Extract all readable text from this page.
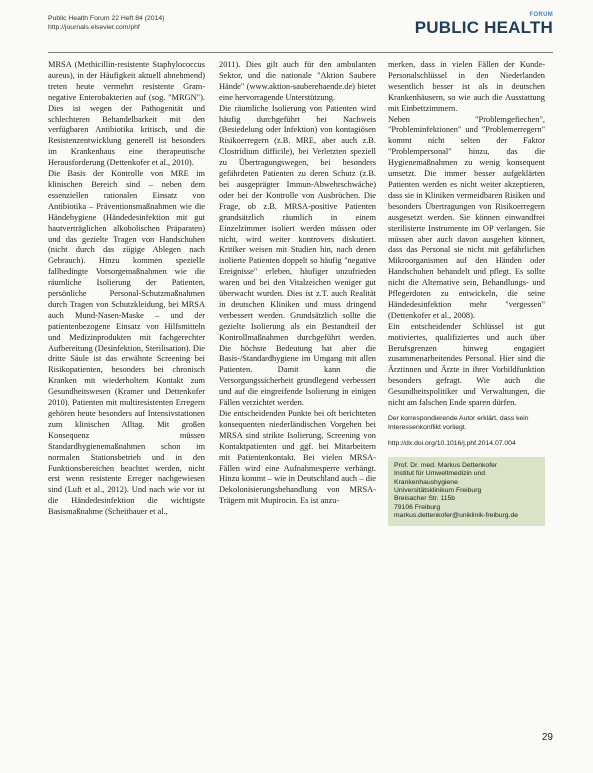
Public Health Forum 22 Heft 84 (2014)
http://journals.elsevier.com/phf
FORUM
PUBLIC HEALTH

MRSA (Methicillin-resistente Staphylococcus aureus), in der Häufigkeit aktuell abnehmend) treten heute vermehrt resistente Gram-negative Enterobakterien auf (sog. "MRGN"). Dies ist wegen der Pathogenität und schlechteren Behandelbarkeit mit den verfügbaren Antibiotika kritisch, und die Resistenzentwicklung generell ist besonders im Krankenhaus eine therapeutische Herausforderung (Dettenkofer et al., 2010).

Die Basis der Kontrolle von MRE im klinischen Bereich sind – neben dem essenziellen rationalen Einsatz von Antibiotika – Präventionsmaßnahmen wie die Händehygiene (Händedesinfektion mit gut hautverträglichen alkoholischen Präparaten) und das gezielte Tragen von Handschuhen (nicht durch das zügige Ablegen nach Gebrauch). Hinzu kommen spezielle fallbedingte Vorsorgemaßnahmen wie die räumliche Isolierung der Patienten, persönliche Personal-Schutzmaßnahmen durch Tragen von Schutzkleidung, bei MRSA auch Mund-Nasen-Maske – und der patientenbezogene Einsatz von Hilfsmitteln und Medizinprodukten mit fachgerechter Aufbereitung (Desinfektion, Sterilisation). Die dritte Säule ist das erwähnte Screening bei Risikopatienten, besonders bei chronisch Kranken mit wiederholtem Kontakt zum Gesundheitswesen (Kramer und Dettenkofer 2010). Patienten mit multiresistenten Erregern gehören heute besonders auf Intensivstationen zum klinischen Alltag. Mit großen Konsequenz müssen Standardhygienemaßnahmen schon im normalen Stationsbetrieb und in den Funktionsbereichen beachtet werden, nicht erst wenn resistente Erreger nachgewiesen sind (Luft et al., 2012). Und nach wie vor ist die Händedesinfektion die wichtigste Basismaßnahme (Scheithauer et al.,

2011). Dies gilt auch für den ambulanten Sektor, und die nationale "Aktion Saubere Hände" (www.aktion-sauberehaende.de) bietet eine hervorragende Unterstützung.

Die räumliche Isolierung von Patienten wird häufig durchgeführt bei Nachweis (Besiedelung oder Infektion) von kontagiösen Risikoerregern (z.B. MRE, aber auch z.B. Clostridium difficile), bei Verletzten speziell zu Übertragungswegen, bei besonders gefährdeten Patienten zu deren Schutz (z.B. bei ausgeprägter Immun-Abwehrschwäche) oder bei der Kontrolle von Ausbrüchen. Die Frage, ob z.B. MRSA-positive Patienten grundsätzlich räumlich in einem Einzelzimmer isoliert werden müssen oder nicht, wird weiter kontrovers diskutiert. Kritiker weisen mit Studien hin, nach denen isolierte Patienten doppelt so häufig "negative Ereignisse" erleben, häufiger unzufrieden waren und bei den Vitalzeichen weniger gut überwacht wurden. Dies ist z.T. auch Realität in deutschen Kliniken und muss dringend verbessert werden. Grundsätzlich sollte die gezielte Isolierung als ein Bestandteil der Kontrollmaßnahmen durchgeführt werden. Die höchste Bedeutung hat aber die Basis-/Standardhygiene im Umgang mit allen Patienten. Damit kann die Versorgungssicherheit grundlegend verbessert und auf die eingreifende Isolierung in einigen Fällen verzichtet werden.

Die entscheidenden Punkte bei oft berichteten konsequenten niederländischen Vorgehen bei MRSA sind strikte Isolierung, Screening von Kontaktpatienten und ggf. bei Mitarbeitern mit Patientenkontakt. Bei vielen MRSA-Fällen wird eine Aufnahmesperre verhängt. Hinzu kommt – wie in Deutschland auch – die Dekolonisierungsbehandlung von MRSA-Trägern mit Mupirocin. Es ist anzu-

merken, dass in vielen Fällen der Kunde-Personalschlüssel in den Niederlanden wesentlich besser ist als in deutschen Krankenhäusern, so wie auch die Ausstattung mit Einbettzimmern.

Neben "Problemgefiechen", "Probleminfektionen" und "Problemerregern" kommt nicht selten der Faktor "Problempersonal" hinzu, das die Hygienemaßnahmen zu wenig konsequent umsetzt. Die immer besser aufgeklärten Patienten werden es nicht weiter akzeptieren, dass sie in Kliniken vermeidbaren Risiken und besonders Übertragungen von Risikoerregern ausgesetzt werden. Sie können einwandfrei sterilisierte Instrumente im OP verlangen. Sie müssen aber auch davon ausgehen können, dass das Personal sie nicht mit gefährlichen Mikroorganismen auf den Händen oder Handschuhen behandelt und pflegt. Es sollte nicht die Alternative sein, Behandlungs- und Pflegerdoten zu entwickeln, die seine Händedesinfektion mehr "vergessen" (Dettenkofer et al., 2008).

Ein entscheidender Schlüssel ist gut motiviertes, qualifiziertes und auch über Berufsgrenzen hinweg engagiert zusammenarbeitendes Personal. Hier sind die Ärztinnen und Ärzte in ihrer Vorbildfunktion besonders gefragt. Wie auch die Gesundheitspolitiker und Verwaltungen, die nicht am falschen Ende sparen dürfen.

Der korrespondierende Autor erklärt, dass kein Interessenkonflikt vorliegt.
http://dx.doi.org/10.1016/j.phf.2014.07.004
Prof. Dr. med. Markus Dettenkofer
Institut für Umweltmedizin und
Krankenhaushygiene
Universitätsklinikum Freiburg
Breisacher Str. 115b
79106 Freiburg
markus.dettenkofer@uniklinik-freiburg.de
29
